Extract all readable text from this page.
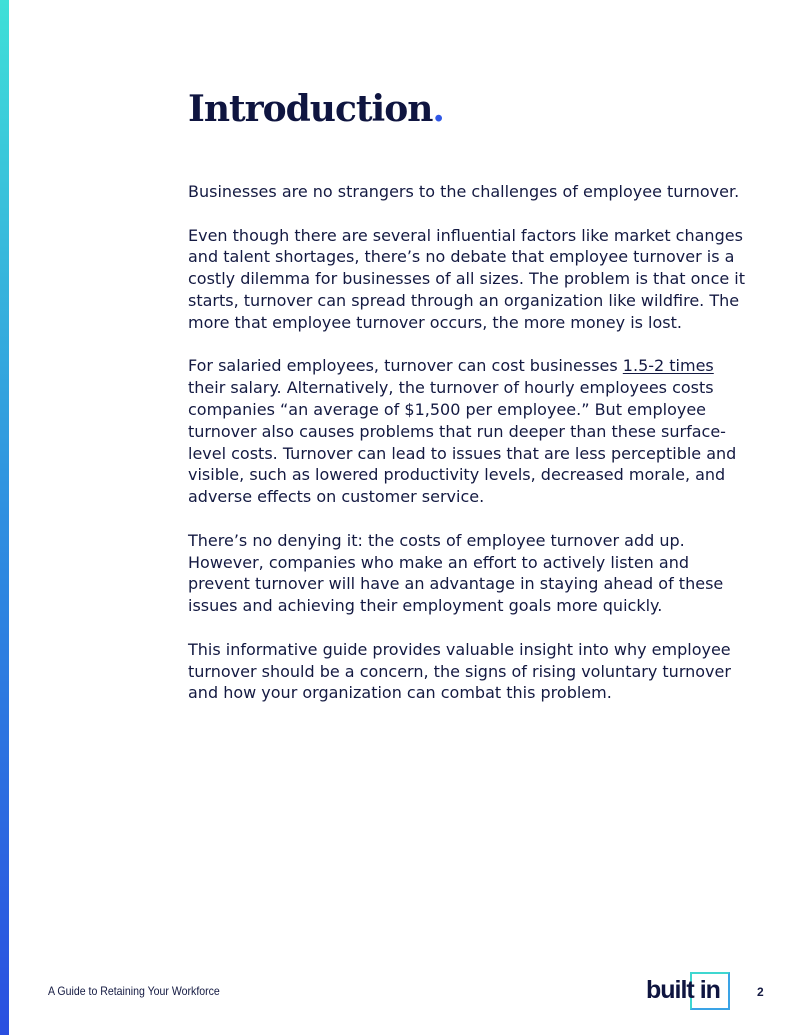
Introduction.

Businesses are no strangers to the challenges of employee turnover.

Even though there are several influential factors like market changes and talent shortages, there’s no debate that employee turnover is a costly dilemma for businesses of all sizes. The problem is that once it starts, turnover can spread through an organization like wildfire. The more that employee turnover occurs, the more money is lost.

For salaried employees, turnover can cost businesses 1.5-2 times their salary. Alternatively, the turnover of hourly employees costs companies “an average of $1,500 per employee.” But employee turnover also causes problems that run deeper than these surface-level costs. Turnover can lead to issues that are less perceptible and visible, such as lowered productivity levels, decreased morale, and adverse effects on customer service.

There’s no denying it: the costs of employee turnover add up. However, companies who make an effort to actively listen and prevent turnover will have an advantage in staying ahead of these issues and achieving their employment goals more quickly.

This informative guide provides valuable insight into why employee turnover should be a concern, the signs of rising voluntary turnover and how your organization can combat this problem.

A Guide to Retaining Your Workforce	built in	2
